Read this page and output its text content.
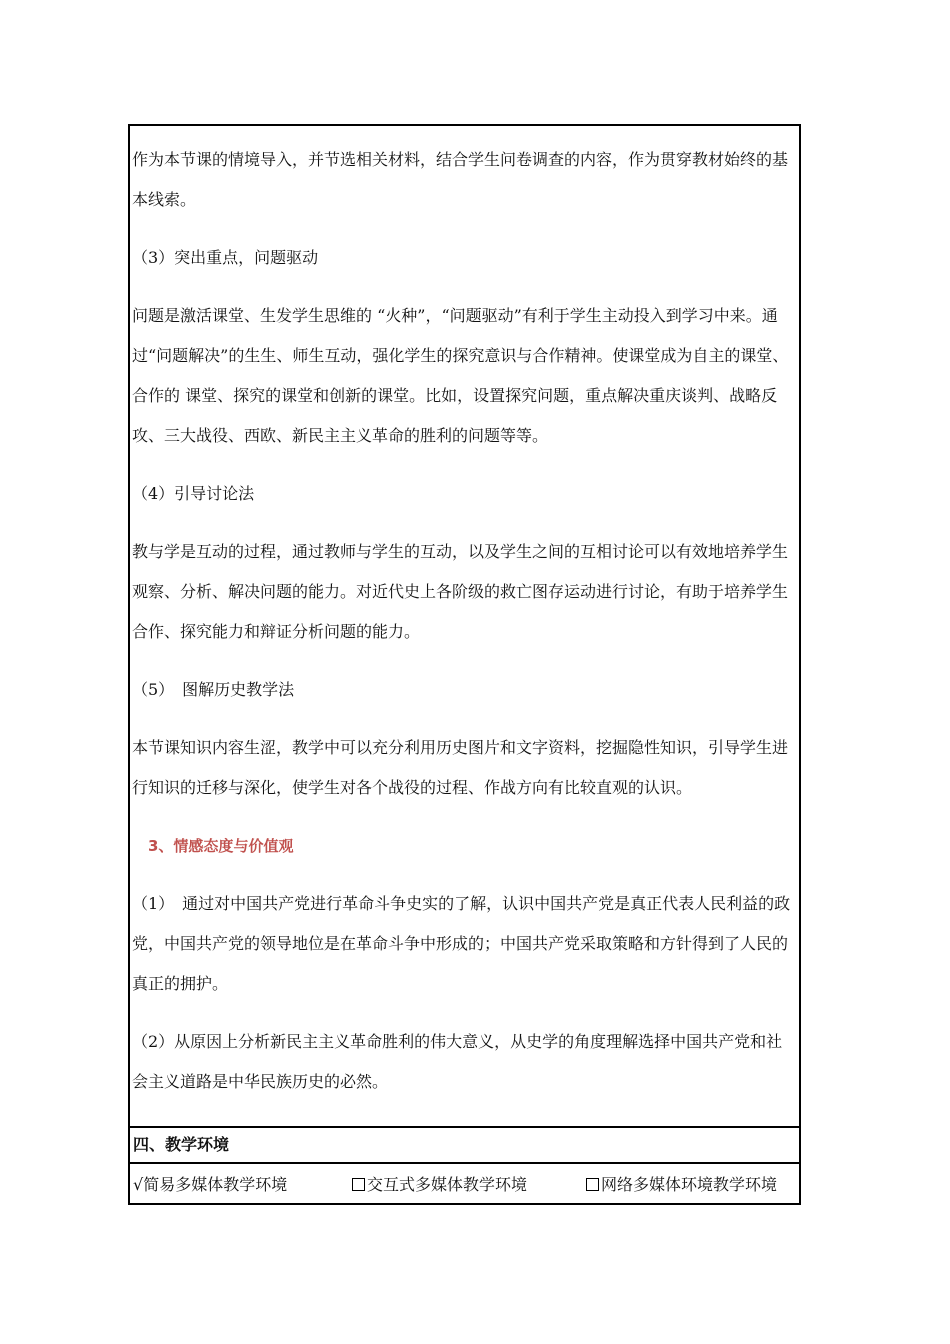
作为本节课的情境导入，并节选相关材料，结合学生问卷调查的内容，作为贯穿教材始终的基本线索。

（3）突出重点，问题驱动

问题是激活课堂、生发学生思维的 “火种”，“问题驱动”有利于学生主动投入到学习中来。通过“问题解决”的生生、师生互动，强化学生的探究意识与合作精神。使课堂成为自主的课堂、合作的 课堂、探究的课堂和创新的课堂。比如，设置探究问题，重点解决重庆谈判、战略反攻、三大战役、西欧、新民主主义革命的胜利的问题等等。

（4）引导讨论法

教与学是互动的过程，通过教师与学生的互动，以及学生之间的互相讨论可以有效地培养学生观察、分析、解决问题的能力。对近代史上各阶级的救亡图存运动进行讨论，有助于培养学生合作、探究能力和辩证分析问题的能力。

（5）　图解历史教学法

本节课知识内容生涩，教学中可以充分利用历史图片和文字资料，挖掘隐性知识，引导学生进行知识的迁移与深化，使学生对各个战役的过程、作战方向有比较直观的认识。

3、情感态度与价值观

（1）　通过对中国共产党进行革命斗争史实的了解，认识中国共产党是真正代表人民利益的政党，中国共产党的领导地位是在革命斗争中形成的；中国共产党采取策略和方针得到了人民的真正的拥护。

（2）从原因上分析新民主主义革命胜利的伟大意义，从史学的角度理解选择中国共产党和社会主义道路是中华民族历史的必然。

四、教学环境
√简易多媒体教学环境	交互式多媒体教学环境	网络多媒体环境教学环境
